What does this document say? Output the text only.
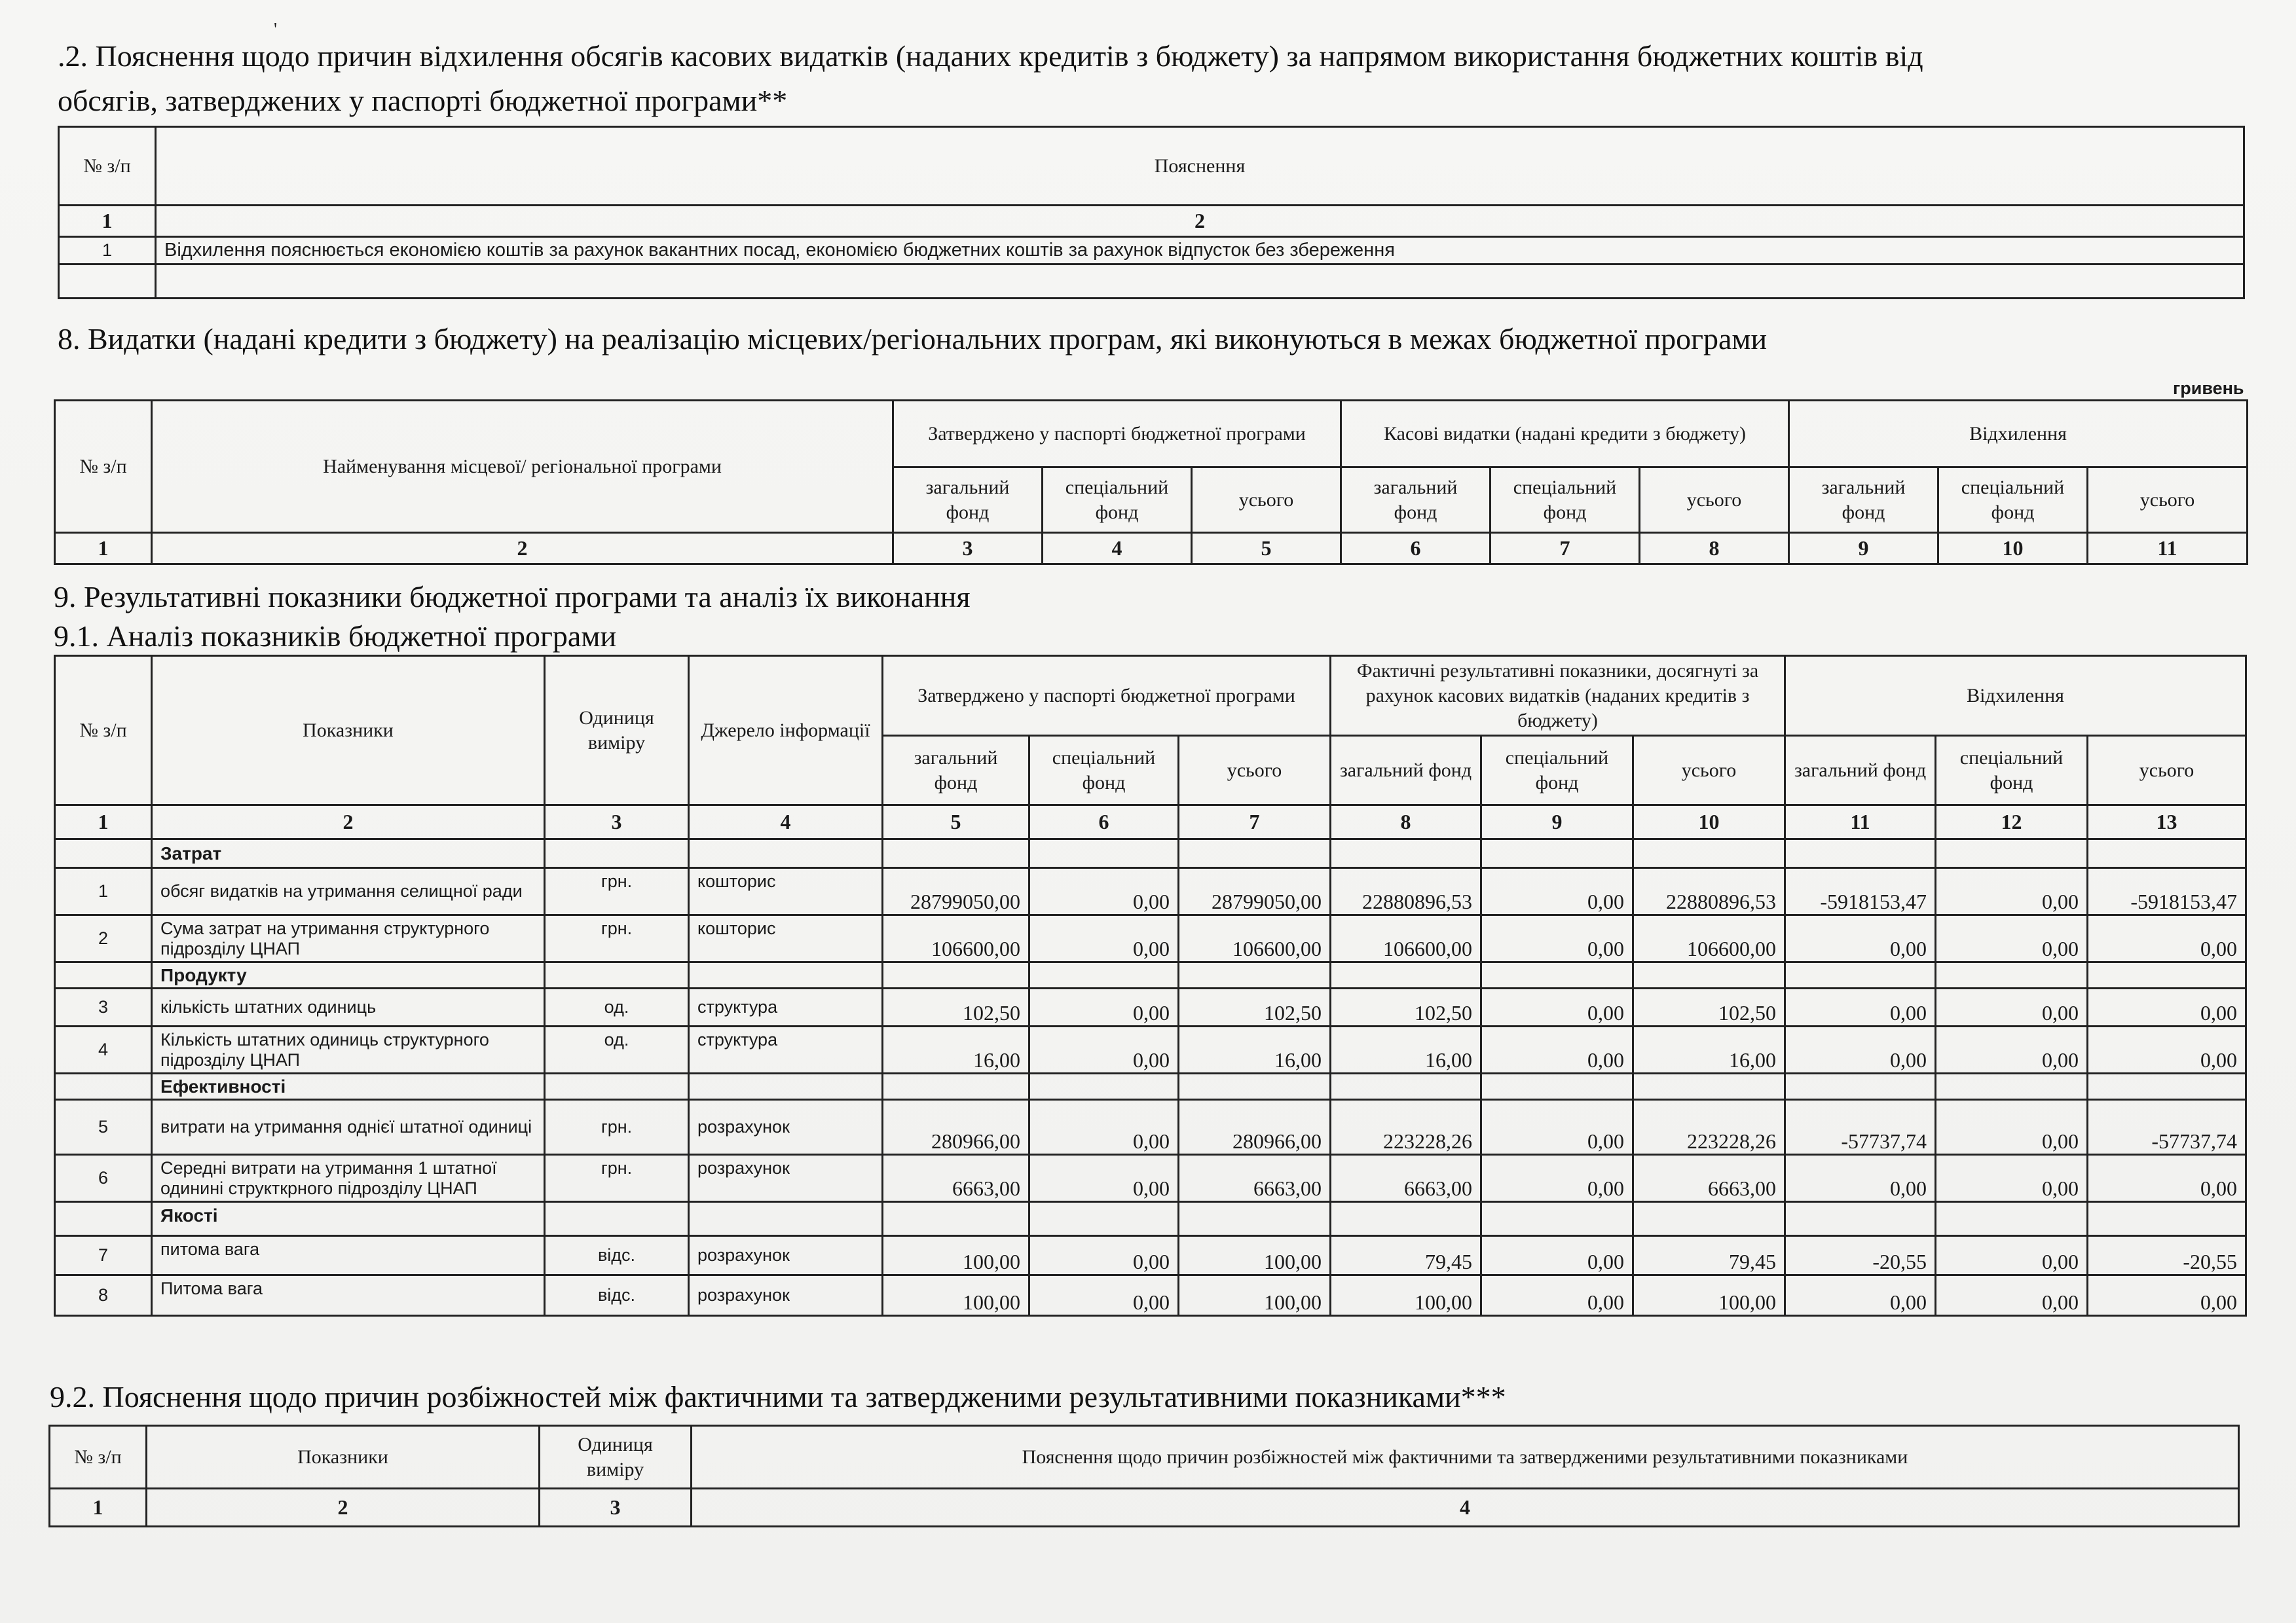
'
.2. Пояснення щодо причин відхилення обсягів касових видатків (наданих кредитів з бюджету) за напрямом використання бюджетних коштів від
обсягів, затверджених у паспорті бюджетної програми**
№ з/п	Пояснення
1	2
1	Відхилення пояснюється економією коштів за рахунок вакантних посад, економією бюджетних коштів за рахунок відпусток без збереження

8. Видатки (надані кредити з бюджету) на реалізацію місцевих/регіональних програм, які виконуються в межах бюджетної програми
гривень
№ з/п	Найменування місцевої/ регіональної програми	Затверджено у паспорті бюджетної програми			Касові видатки (надані кредити з бюджету)			Відхилення		
		загальний фонд	спеціальний фонд	усього	загальний фонд	спеціальний фонд	усього	загальний фонд	спеціальний фонд	усього
1	2	3	4	5	6	7	8	9	10	11
9. Результативні показники бюджетної програми та аналіз їх виконання
9.1. Аналіз показників бюджетної програми
№ з/п	Показники	Одиниця виміру	Джерело інформації	Затверджено у паспорті бюджетної програми			Фактичні результативні показники, досягнуті за рахунок касових видатків (наданих кредитів з бюджету)			Відхилення		
				загальний фонд	спеціальний фонд	усього	загальний фонд	спеціальний фонд	усього	загальний фонд	спеціальний фонд	усього
1	2	3	4	5	6	7	8	9	10	11	12	13
	Затрат											
1	обсяг видатків на утримання селищної ради	грн.	кошторис	28799050,00	0,00	28799050,00	22880896,53	0,00	22880896,53	-5918153,47	0,00	-5918153,47
2	Сума затрат на утримання структурного підрозділу ЦНАП	грн.	кошторис	106600,00	0,00	106600,00	106600,00	0,00	106600,00	0,00	0,00	0,00
	Продукту											
3	кількість штатних одиниць	од.	структура	102,50	0,00	102,50	102,50	0,00	102,50	0,00	0,00	0,00
4	Кількість штатних одиниць структурного підрозділу ЦНАП	од.	структура	16,00	0,00	16,00	16,00	0,00	16,00	0,00	0,00	0,00
	Ефективності											
5	витрати на утримання однієї штатної одиниці	грн.	розрахунок	280966,00	0,00	280966,00	223228,26	0,00	223228,26	-57737,74	0,00	-57737,74
6	Середні витрати на утримання 1 штатної одинині структкрного підрозділу ЦНАП	грн.	розрахунок	6663,00	0,00	6663,00	6663,00	0,00	6663,00	0,00	0,00	0,00
	Якості											
7	питома вага	відс.	розрахунок	100,00	0,00	100,00	79,45	0,00	79,45	-20,55	0,00	-20,55
8	Питома вага	відс.	розрахунок	100,00	0,00	100,00	100,00	0,00	100,00	0,00	0,00	0,00
9.2. Пояснення щодо причин розбіжностей між фактичними та затвердженими результативними показниками***
№ з/п	Показники	Одиниця виміру	Пояснення щодо причин розбіжностей між фактичними та затвердженими результативними показниками
1	2	3	4
